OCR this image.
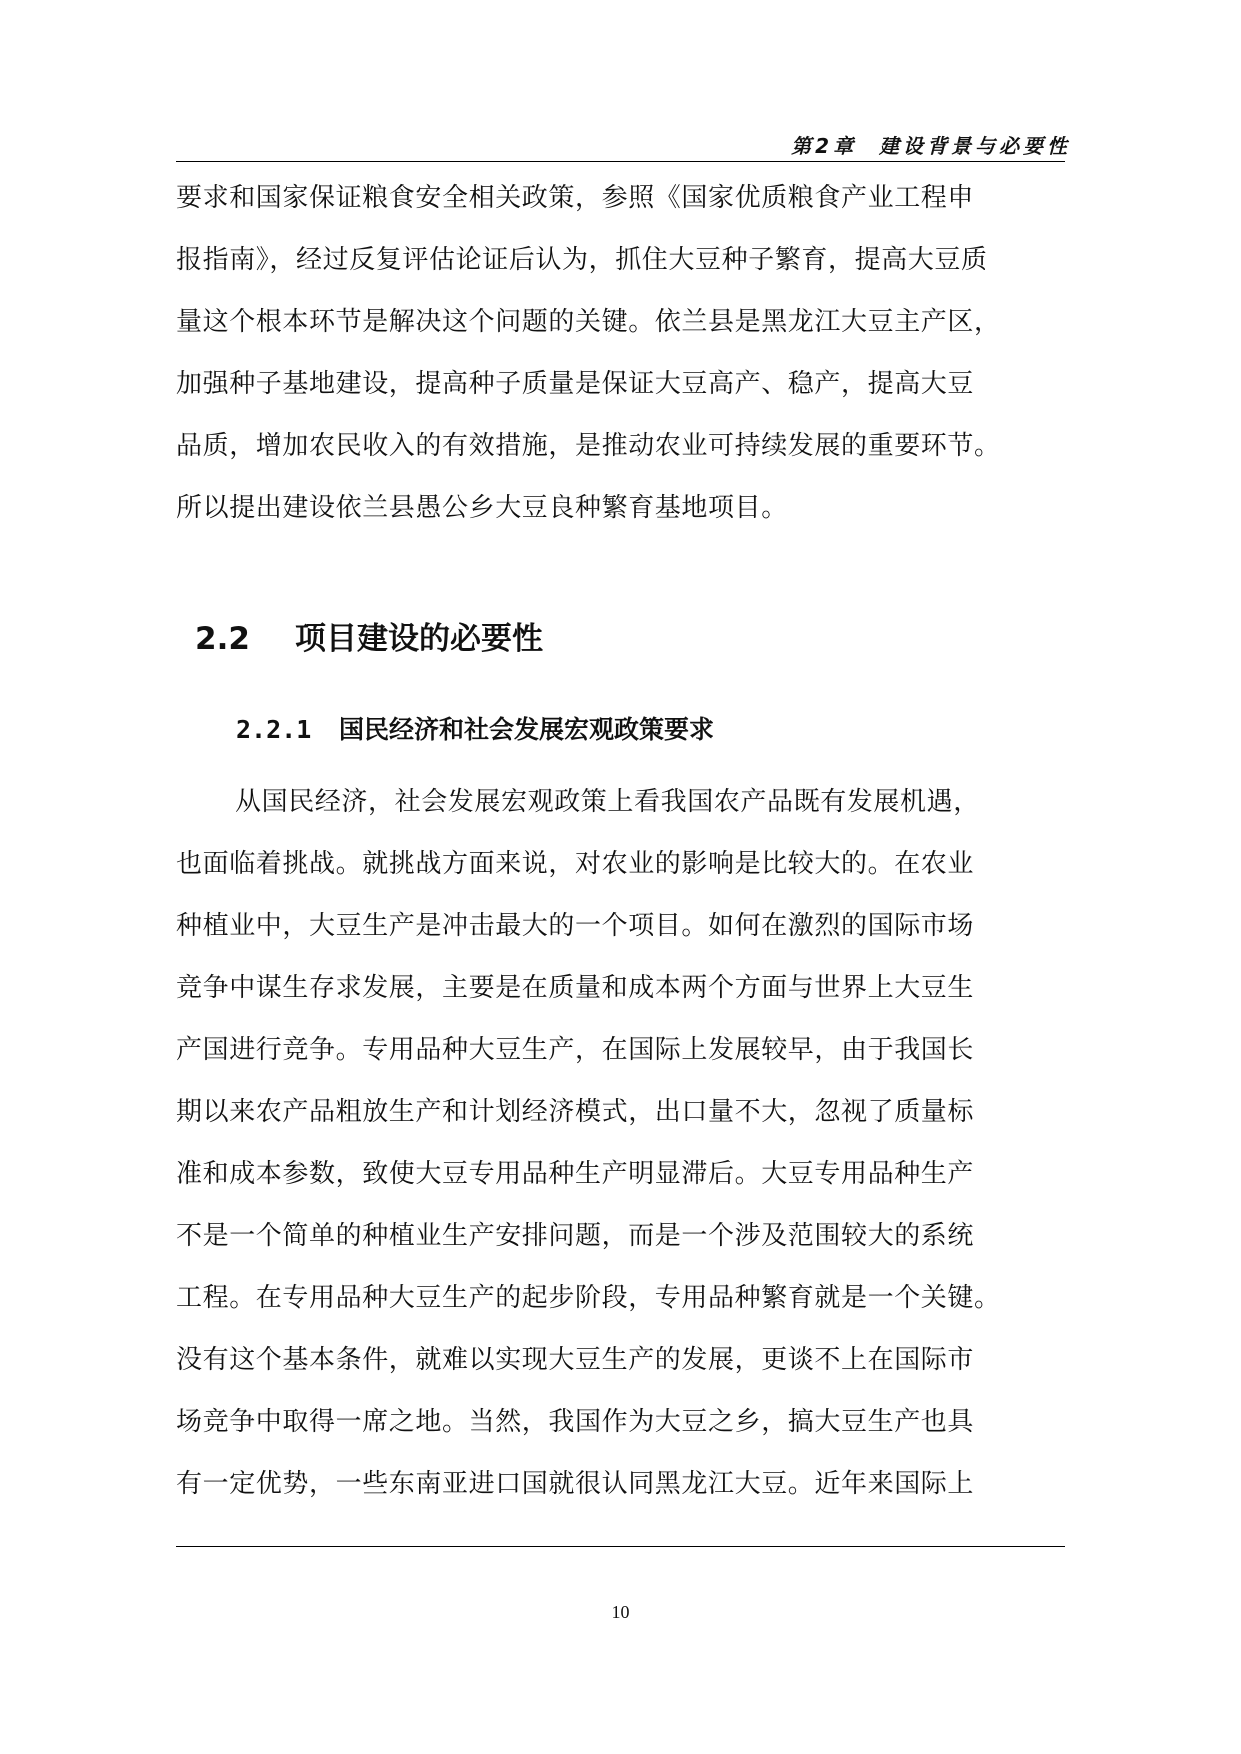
第2章  建设背景与必要性
要求和国家保证粮食安全相关政策，参照《国家优质粮食产业工程申
报指南》，经过反复评估论证后认为，抓住大豆种子繁育，提高大豆质
量这个根本环节是解决这个问题的关键。依兰县是黑龙江大豆主产区，
加强种子基地建设，提高种子质量是保证大豆高产、稳产，提高大豆
品质，增加农民收入的有效措施，是推动农业可持续发展的重要环节。
所以提出建设依兰县愚公乡大豆良种繁育基地项目。
2.2 项目建设的必要性
2.2.1 国民经济和社会发展宏观政策要求
从国民经济，社会发展宏观政策上看我国农产品既有发展机遇，
也面临着挑战。就挑战方面来说，对农业的影响是比较大的。在农业
种植业中，大豆生产是冲击最大的一个项目。如何在激烈的国际市场
竞争中谋生存求发展，主要是在质量和成本两个方面与世界上大豆生
产国进行竞争。专用品种大豆生产，在国际上发展较早，由于我国长
期以来农产品粗放生产和计划经济模式，出口量不大，忽视了质量标
准和成本参数，致使大豆专用品种生产明显滞后。大豆专用品种生产
不是一个简单的种植业生产安排问题，而是一个涉及范围较大的系统
工程。在专用品种大豆生产的起步阶段，专用品种繁育就是一个关键。
没有这个基本条件，就难以实现大豆生产的发展，更谈不上在国际市
场竞争中取得一席之地。当然，我国作为大豆之乡，搞大豆生产也具
有一定优势，一些东南亚进口国就很认同黑龙江大豆。近年来国际上
10
